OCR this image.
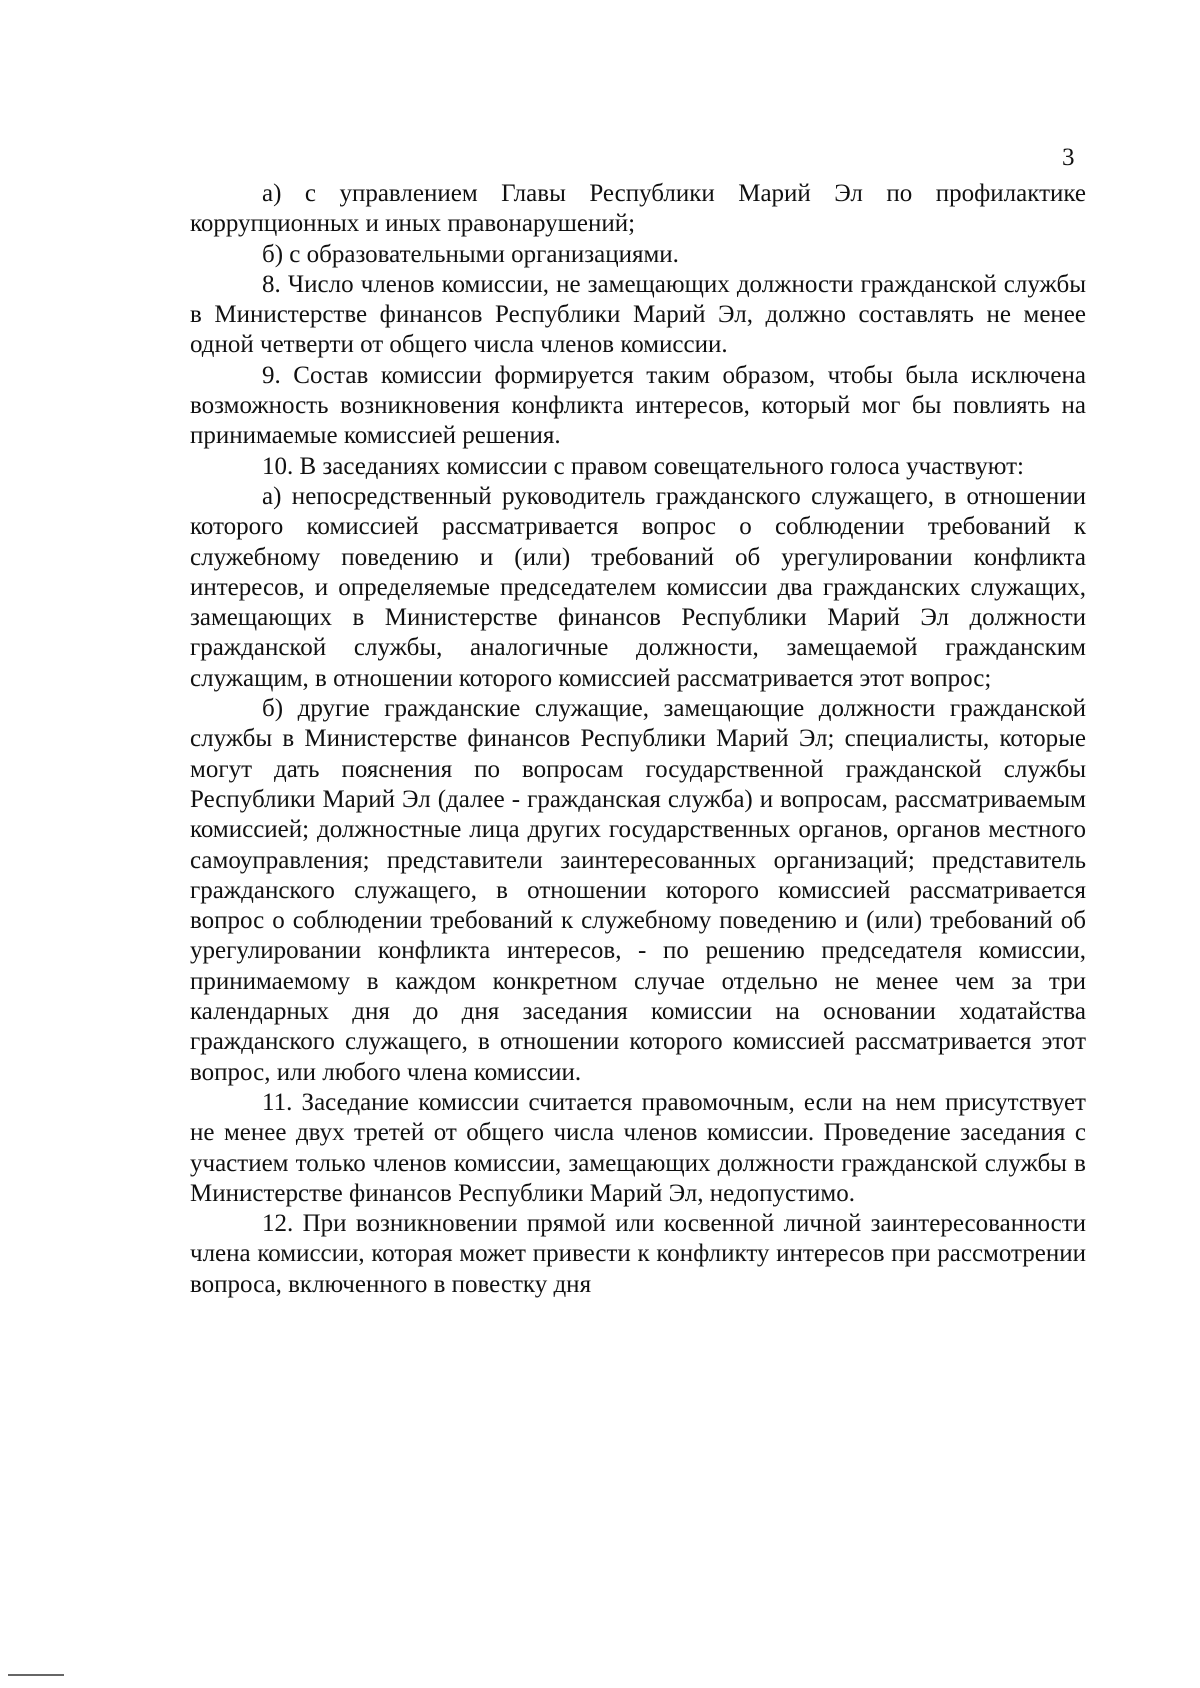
3

а) с управлением Главы Республики Марий Эл по профилактике коррупционных и иных правонарушений;

б) с образовательными организациями.

8. Число членов комиссии, не замещающих должности гражданской службы в Министерстве финансов Республики Марий Эл, должно составлять не менее одной четверти от общего числа членов комиссии.

9. Состав комиссии формируется таким образом, чтобы была исключена возможность возникновения конфликта интересов, который мог бы повлиять на принимаемые комиссией решения.

10. В заседаниях комиссии с правом совещательного голоса участвуют:

а) непосредственный руководитель гражданского служащего, в отношении которого комиссией рассматривается вопрос о соблюдении требований к служебному поведению и (или) требований об урегулировании конфликта интересов, и определяемые председателем комиссии два гражданских служащих, замещающих в Министерстве финансов Республики Марий Эл должности гражданской службы, аналогичные должности, замещаемой гражданским служащим, в отношении которого комиссией рассматривается этот вопрос;

б) другие гражданские служащие, замещающие должности гражданской службы в Министерстве финансов Республики Марий Эл; специалисты, которые могут дать пояснения по вопросам государственной гражданской службы Республики Марий Эл (далее - гражданская служба) и вопросам, рассматриваемым комиссией; должностные лица других государственных органов, органов местного самоуправления; представители заинтересованных организаций; представитель гражданского служащего, в отношении которого комиссией рассматривается вопрос о соблюдении требований к служебному поведению и (или) требований об урегулировании конфликта интересов, - по решению председателя комиссии, принимаемому в каждом конкретном случае отдельно не менее чем за три календарных дня до дня заседания комиссии на основании ходатайства гражданского служащего, в отношении которого комиссией рассматривается этот вопрос, или любого члена комиссии.

11. Заседание комиссии считается правомочным, если на нем присутствует не менее двух третей от общего числа членов комиссии. Проведение заседания с участием только членов комиссии, замещающих должности гражданской службы в Министерстве финансов Республики Марий Эл, недопустимо.

12. При возникновении прямой или косвенной личной заинтересованности члена комиссии, которая может привести к конфликту интересов при рассмотрении вопроса, включенного в повестку дня
